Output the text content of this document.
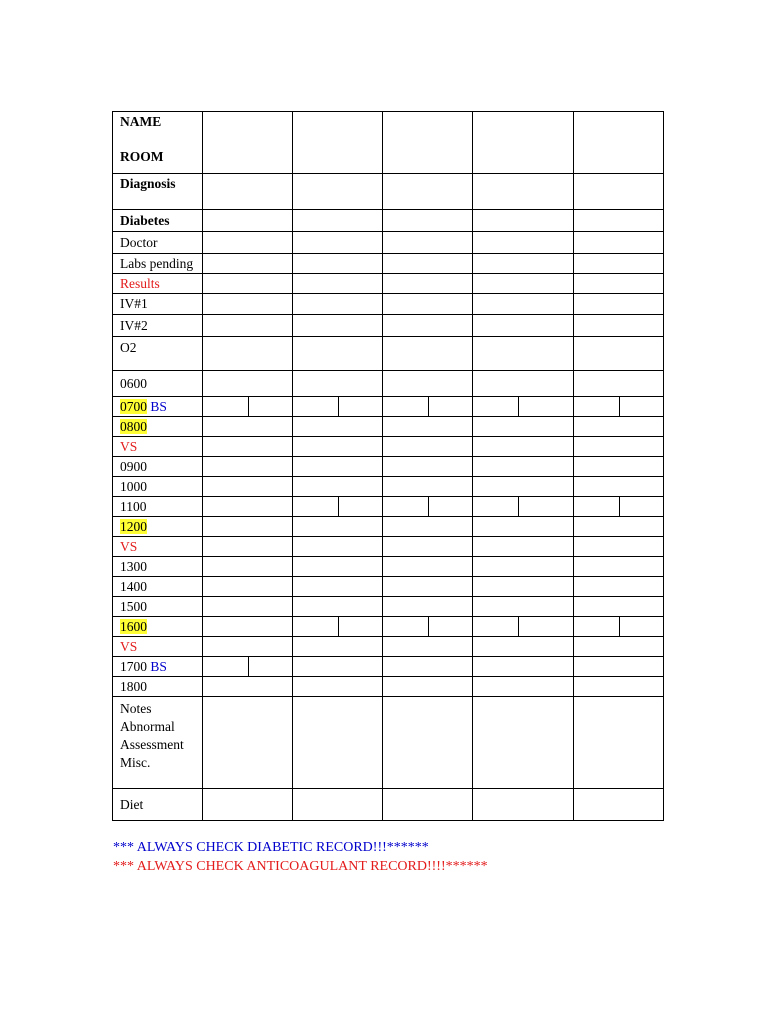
NAME
ROOM					

Diagnosis					
Diabetes					
Doctor					
Labs pending					
Results					
IV#1					
IV#2					
O2					
0600					
0700 BS					
0800					
VS					
0900					
1000					
1100					
1200					
VS					
1300					
1400					
1500					
1600					
VS					
1700 BS					
1800					

Notes
Abnormal
Assessment
Misc.					

Diet					
*** ALWAYS CHECK DIABETIC RECORD!!!******
*** ALWAYS CHECK ANTICOAGULANT RECORD!!!!******
